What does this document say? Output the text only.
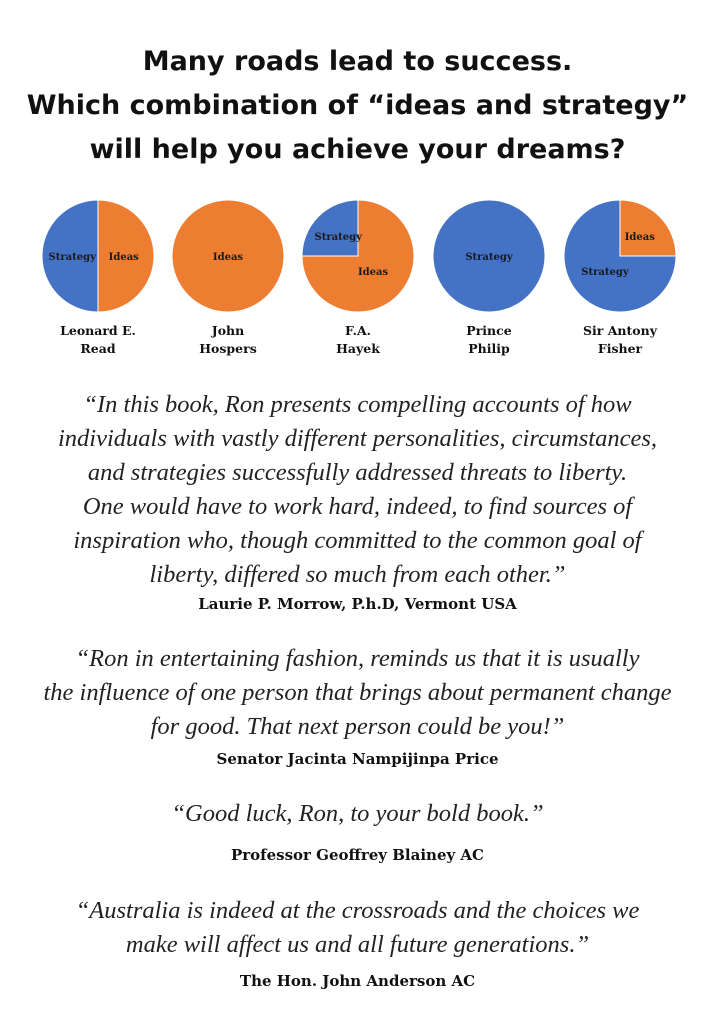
Many roads lead to success.
Which combination of “ideas and strategy”
will help you achieve your dreams?
Ideas
Strategy
Leonard E.
Read
Ideas
John
Hospers
Ideas
Strategy
F.A.
Hayek
Strategy
Prince
Philip
Ideas
Strategy
Sir Antony
Fisher

“In this book, Ron presents compelling accounts of how
individuals with vastly different personalities, circumstances,
and strategies successfully addressed threats to liberty.
One would have to work hard, indeed, to find sources of
inspiration who, though committed to the common goal of
liberty, differed so much from each other.”

Laurie P. Morrow, P.h.D, Vermont USA

“Ron in entertaining fashion, reminds us that it is usually
the influence of one person that brings about permanent change
for good. That next person could be you!”

Senator Jacinta Nampijinpa Price

“Good luck, Ron, to your bold book.”

Professor Geoffrey Blainey AC

“Australia is indeed at the crossroads and the choices we
make will affect us and all future generations.”

The Hon. John Anderson AC
